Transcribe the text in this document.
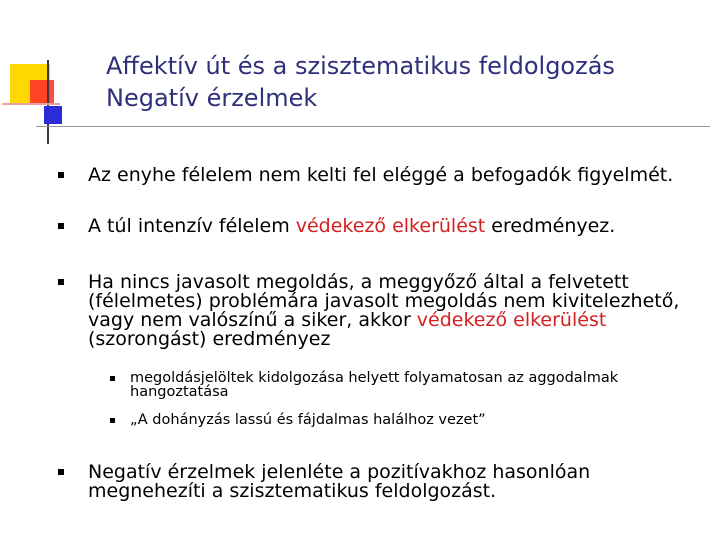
Affektív út és a szisztematikus feldolgozás
Negatív érzelmek
Az enyhe félelem nem kelti fel eléggé a befogadók figyelmét.
A túl intenzív félelem védekező elkerülést eredményez.
Ha nincs javasolt megoldás, a meggyőző által a felvetett (félelmetes) problémára javasolt megoldás nem kivitelezhető, vagy nem valószínű a siker, akkor védekező elkerülést (szorongást) eredményez
megoldásjelöltek kidolgozása helyett folyamatosan az aggodalmak hangoztatása
„A dohányzás lassú és fájdalmas halálhoz vezet”
Negatív érzelmek jelenléte a pozitívakhoz hasonlóan megnehezíti a szisztematikus feldolgozást.
